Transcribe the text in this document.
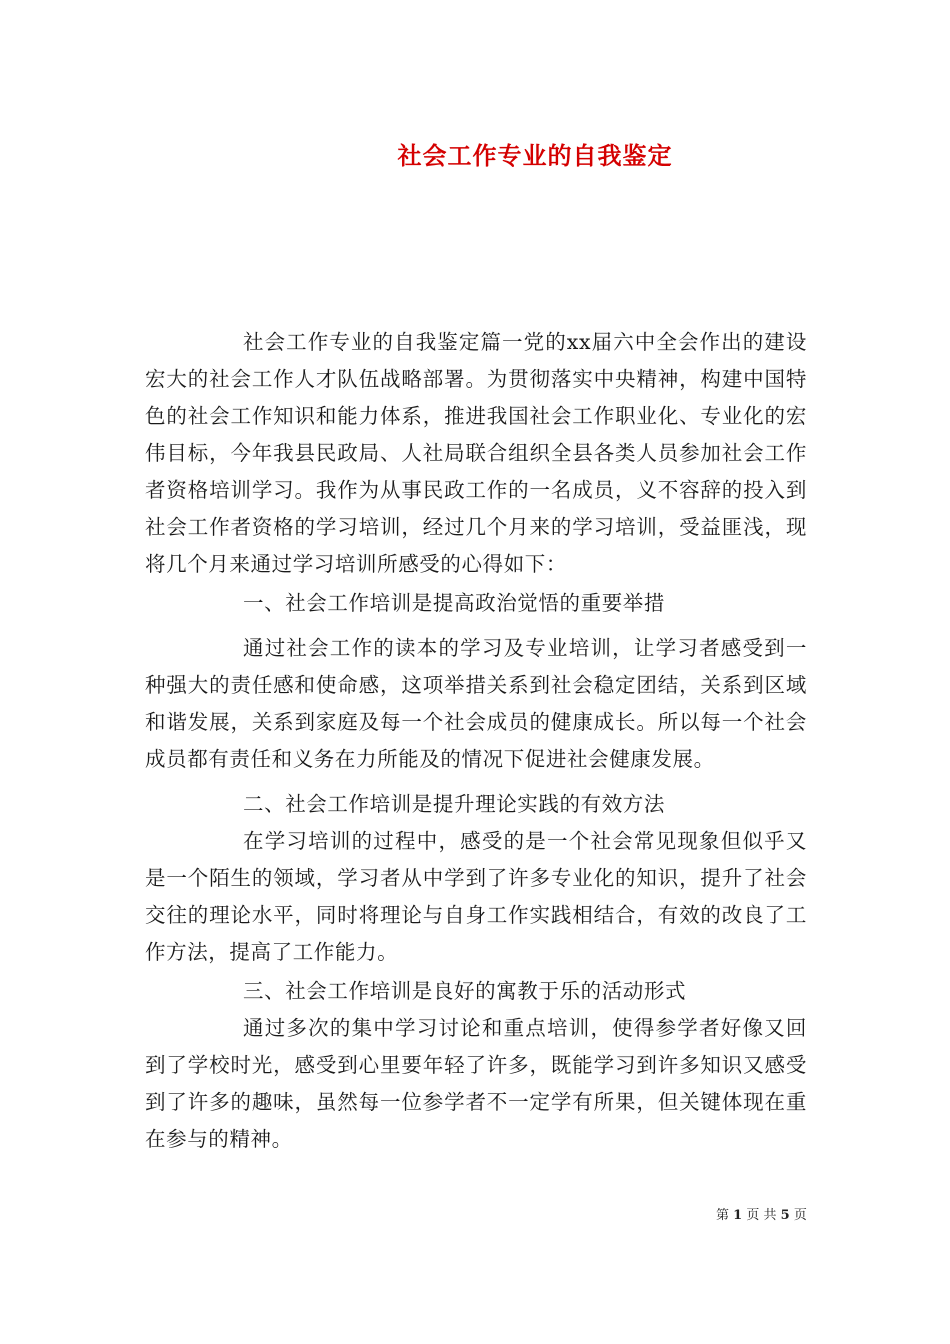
社会工作专业的自我鉴定

社会工作专业的自我鉴定篇一党的xx届六中全会作出的建设宏大的社会工作人才队伍战略部署。为贯彻落实中央精神，构建中国特色的社会工作知识和能力体系，推进我国社会工作职业化、专业化的宏伟目标，今年我县民政局、人社局联合组织全县各类人员参加社会工作者资格培训学习。我作为从事民政工作的一名成员，义不容辞的投入到社会工作者资格的学习培训，经过几个月来的学习培训，受益匪浅，现将几个月来通过学习培训所感受的心得如下：

一、社会工作培训是提高政治觉悟的重要举措

通过社会工作的读本的学习及专业培训，让学习者感受到一种强大的责任感和使命感，这项举措关系到社会稳定团结，关系到区域和谐发展，关系到家庭及每一个社会成员的健康成长。所以每一个社会成员都有责任和义务在力所能及的情况下促进社会健康发展。

二、社会工作培训是提升理论实践的有效方法

在学习培训的过程中，感受的是一个社会常见现象但似乎又是一个陌生的领域，学习者从中学到了许多专业化的知识，提升了社会交往的理论水平，同时将理论与自身工作实践相结合，有效的改良了工作方法，提高了工作能力。

三、社会工作培训是良好的寓教于乐的活动形式

通过多次的集中学习讨论和重点培训，使得参学者好像又回到了学校时光，感受到心里要年轻了许多，既能学习到许多知识又感受到了许多的趣味，虽然每一位参学者不一定学有所果，但关键体现在重在参与的精神。

第 1 页 共 5 页
